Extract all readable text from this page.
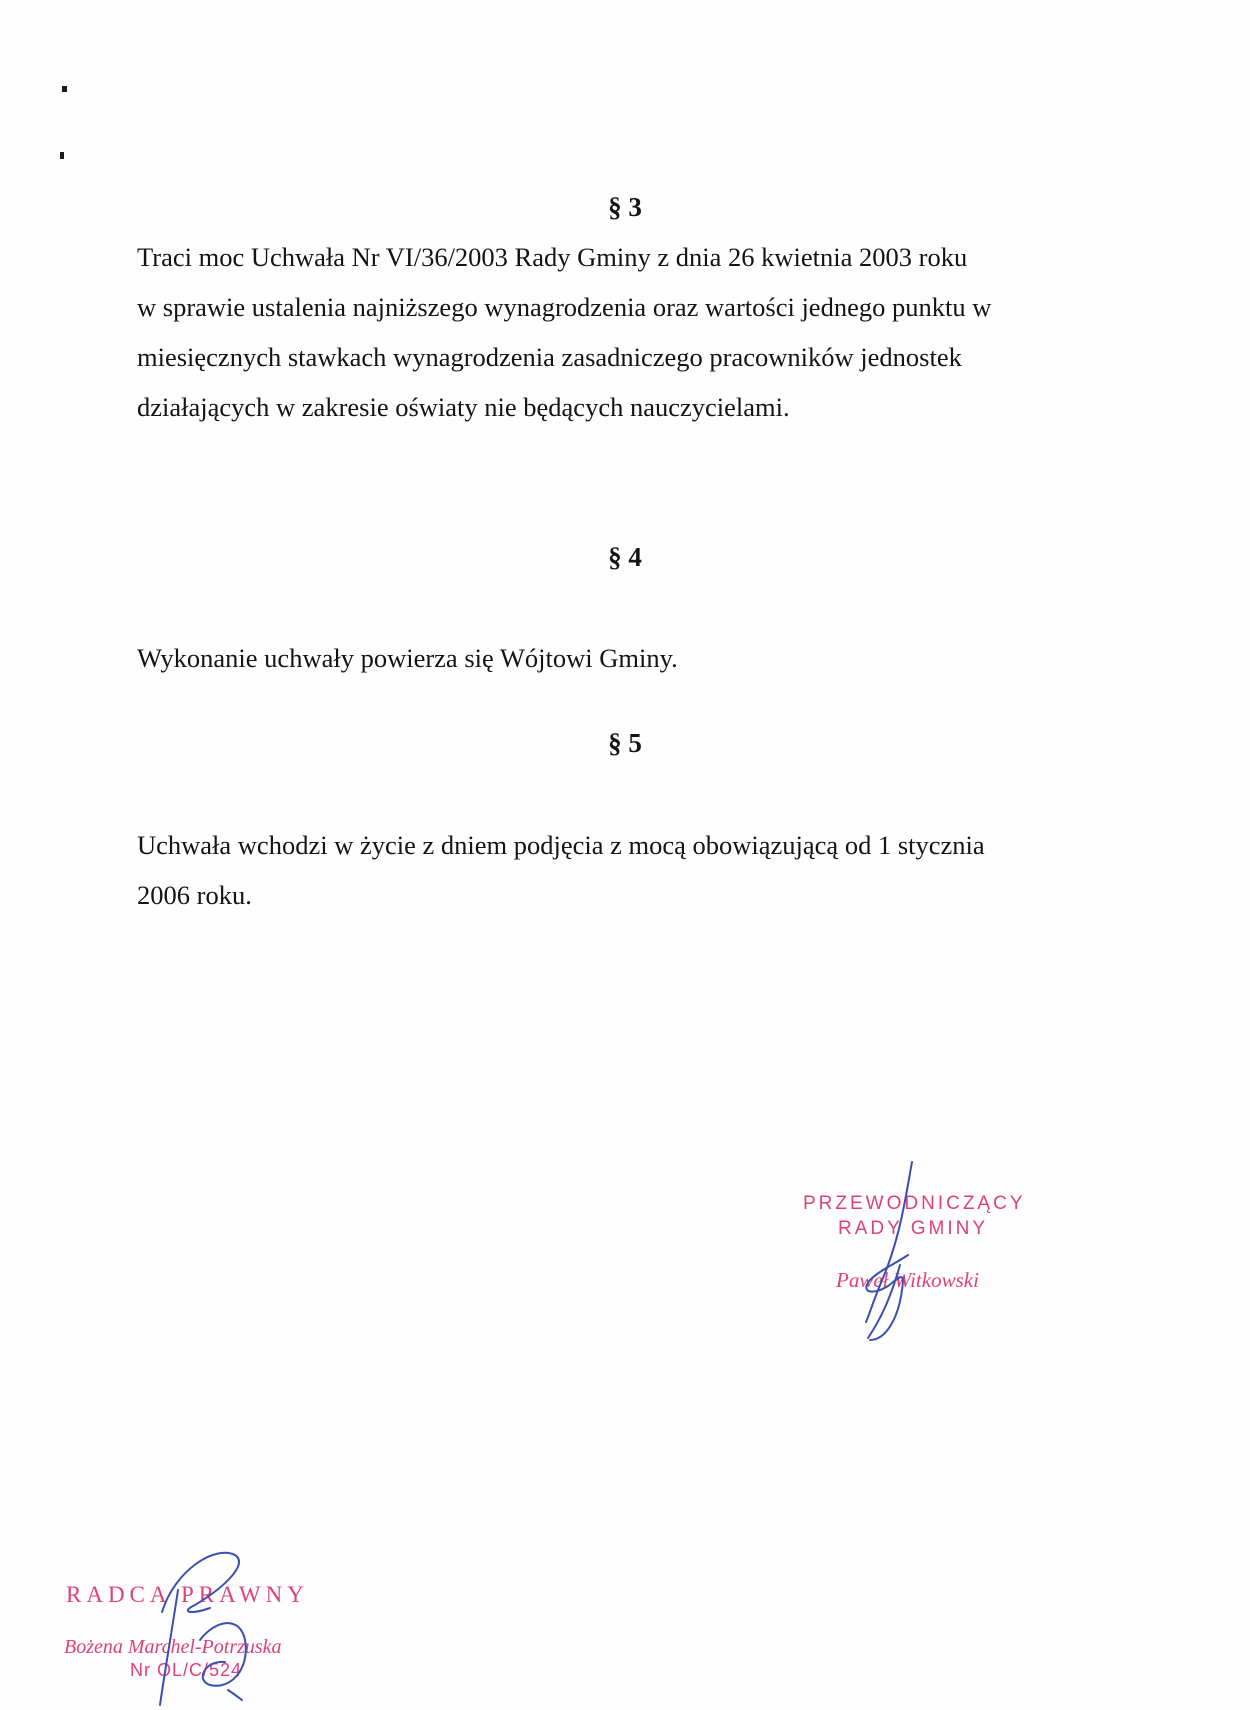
§ 3
Traci moc Uchwała Nr VI/36/2003 Rady Gminy z dnia 26 kwietnia 2003 roku
w sprawie ustalenia najniższego wynagrodzenia oraz wartości jednego punktu w
miesięcznych stawkach wynagrodzenia zasadniczego pracowników jednostek
działających w zakresie oświaty nie będących nauczycielami.
§ 4
Wykonanie uchwały powierza się Wójtowi Gminy.
§ 5
Uchwała wchodzi w życie z dniem podjęcia z mocą obowiązującą od 1 stycznia
2006 roku.
PRZEWODNICZĄCY
RADY GMINY
Paweł Witkowski
RADCA PRAWNY
Bożena Marchel-Potrzuska
Nr OL/C/524
